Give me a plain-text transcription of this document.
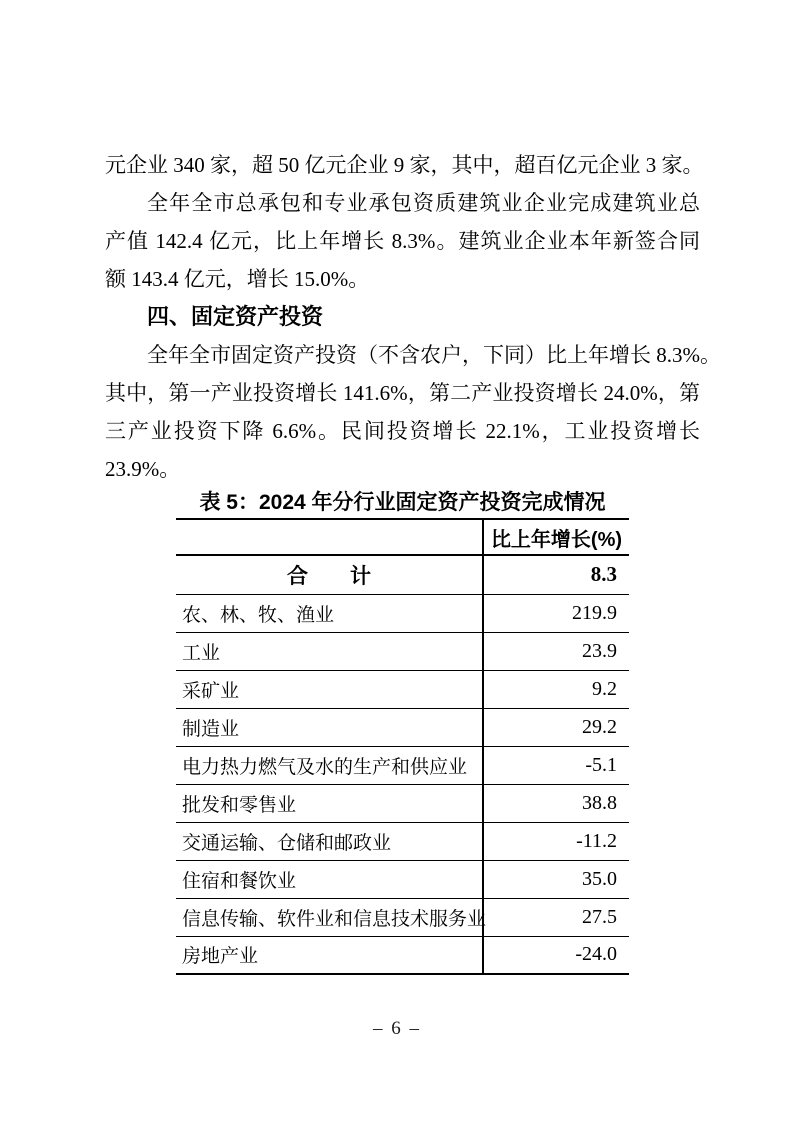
元企业 340 家，超 50 亿元企业 9 家，其中，超百亿元企业 3 家。
全年全市总承包和专业承包资质建筑业企业完成建筑业总
产值 142.4 亿元，比上年增长 8.3%。建筑业企业本年新签合同
额 143.4 亿元，增长 15.0%。
四、固定资产投资
全年全市固定资产投资（不含农户，下同）比上年增长 8.3%。
其中，第一产业投资增长 141.6%，第二产业投资增长 24.0%，第
三产业投资下降 6.6%。民间投资增长 22.1%，工业投资增长
23.9%。
表 5：2024 年分行业固定资产投资完成情况
	比上年增长(%)
合　　计	8.3
农、林、牧、渔业	219.9
工业	23.9
采矿业	9.2
制造业	29.2
电力热力燃气及水的生产和供应业	-5.1
批发和零售业	38.8
交通运输、仓储和邮政业	-11.2
住宿和餐饮业	35.0
信息传输、软件业和信息技术服务业	27.5
房地产业	-24.0
– 6 –
